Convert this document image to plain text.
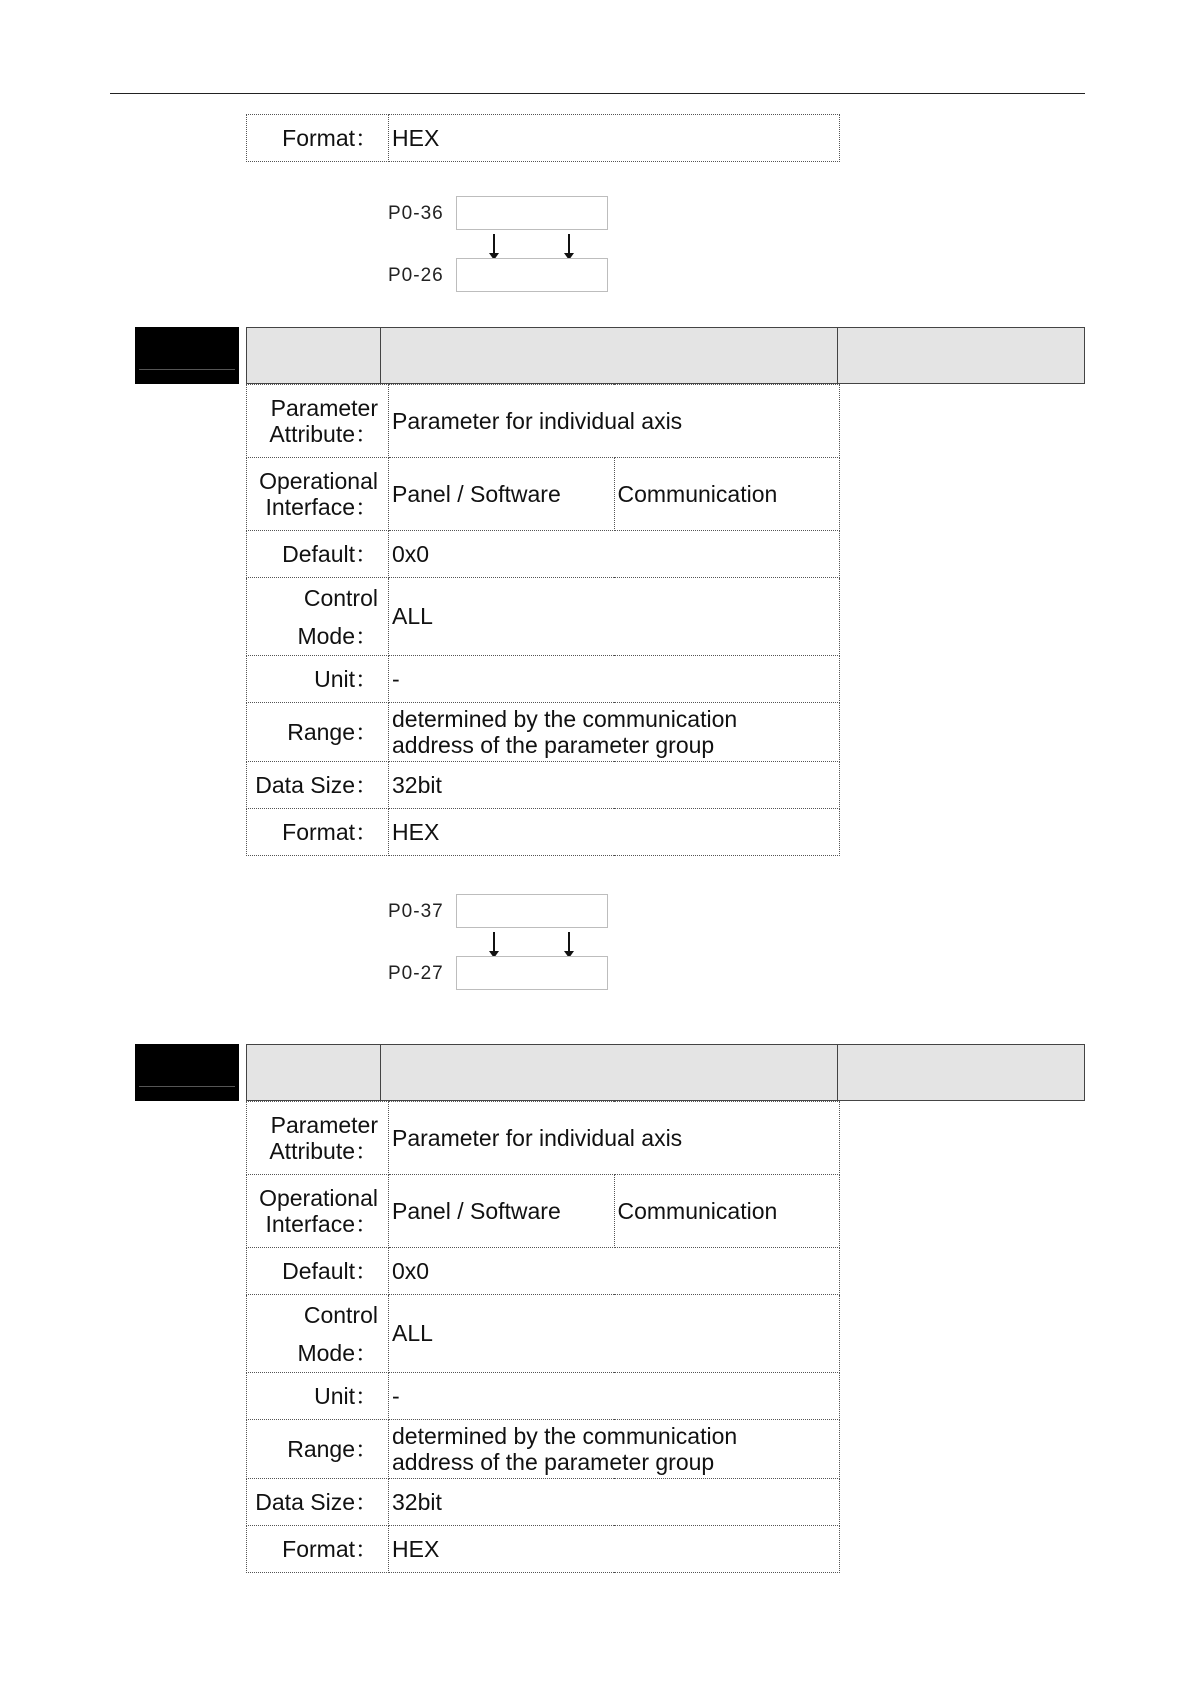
Format：	HEX
P0-36
P0-26
Parameter Attribute：	Parameter for individual axis	
Operational Interface：	Panel / Software	Communication
Default：	0x0	
Control Mode：	ALL	
Unit：	-	
Range：	determined by the communication address of the parameter group	
Data Size：	32bit	
Format：	HEX	
P0-37
P0-27
Parameter Attribute：	Parameter for individual axis	
Operational Interface：	Panel / Software	Communication
Default：	0x0	
Control Mode：	ALL	
Unit：	-	
Range：	determined by the communication address of the parameter group	
Data Size：	32bit	
Format：	HEX	
